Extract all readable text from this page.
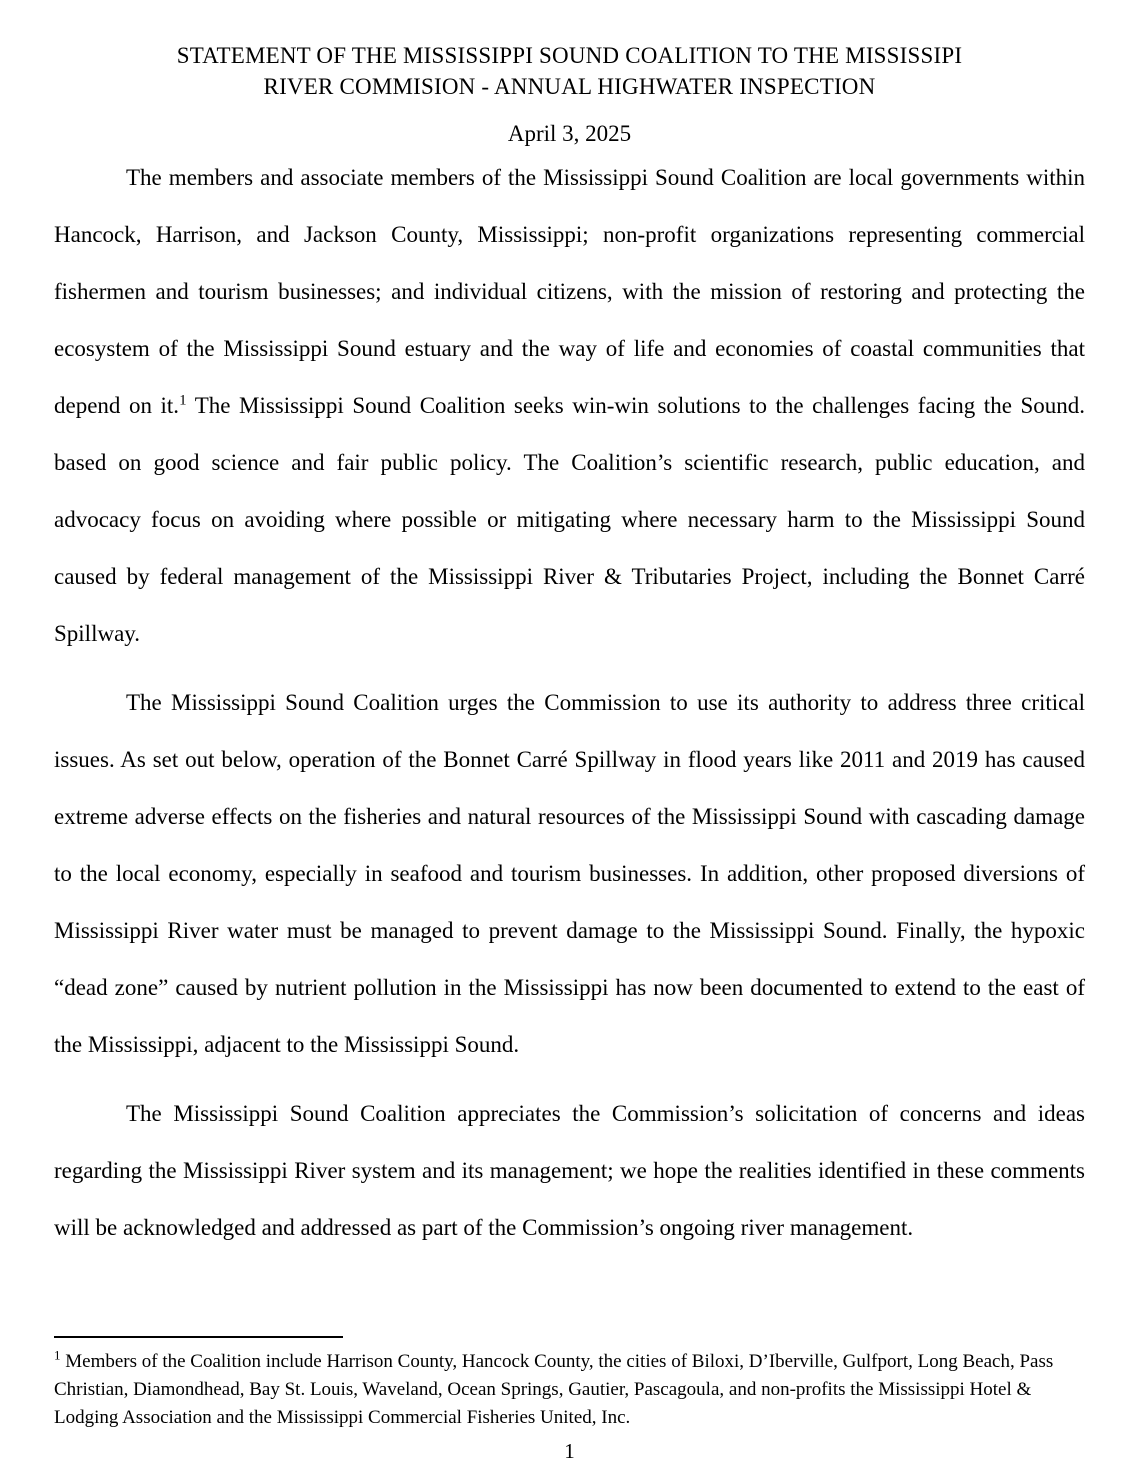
STATEMENT OF THE MISSISSIPPI SOUND COALITION TO THE MISSISSIPI
RIVER COMMISION - ANNUAL HIGHWATER INSPECTION
April 3, 2025

The members and associate members of the Mississippi Sound Coalition are local governments within Hancock, Harrison, and Jackson County, Mississippi; non-profit organizations representing commercial fishermen and tourism businesses; and individual citizens, with the mission of restoring and protecting the ecosystem of the Mississippi Sound estuary and the way of life and economies of coastal communities that depend on it.$^1$ The Mississippi Sound Coalition seeks win-win solutions to the challenges facing the Sound. based on good science and fair public policy. The Coalition’s scientific research, public education, and advocacy focus on avoiding where possible or mitigating where necessary harm to the Mississippi Sound caused by federal management of the Mississippi River & Tributaries Project, including the Bonnet Carré Spillway.

The Mississippi Sound Coalition urges the Commission to use its authority to address three critical issues. As set out below, operation of the Bonnet Carré Spillway in flood years like 2011 and 2019 has caused extreme adverse effects on the fisheries and natural resources of the Mississippi Sound with cascading damage to the local economy, especially in seafood and tourism businesses. In addition, other proposed diversions of Mississippi River water must be managed to prevent damage to the Mississippi Sound. Finally, the hypoxic “dead zone” caused by nutrient pollution in the Mississippi has now been documented to extend to the east of the Mississippi, adjacent to the Mississippi Sound.

The Mississippi Sound Coalition appreciates the Commission’s solicitation of concerns and ideas regarding the Mississippi River system and its management; we hope the realities identified in these comments will be acknowledged and addressed as part of the Commission’s ongoing river management.

$^1$ Members of the Coalition include Harrison County, Hancock County, the cities of Biloxi, D’Iberville, Gulfport, Long Beach, Pass Christian, Diamondhead, Bay St. Louis, Waveland, Ocean Springs, Gautier, Pascagoula, and non-profits the Mississippi Hotel & Lodging Association and the Mississippi Commercial Fisheries United, Inc.

1
